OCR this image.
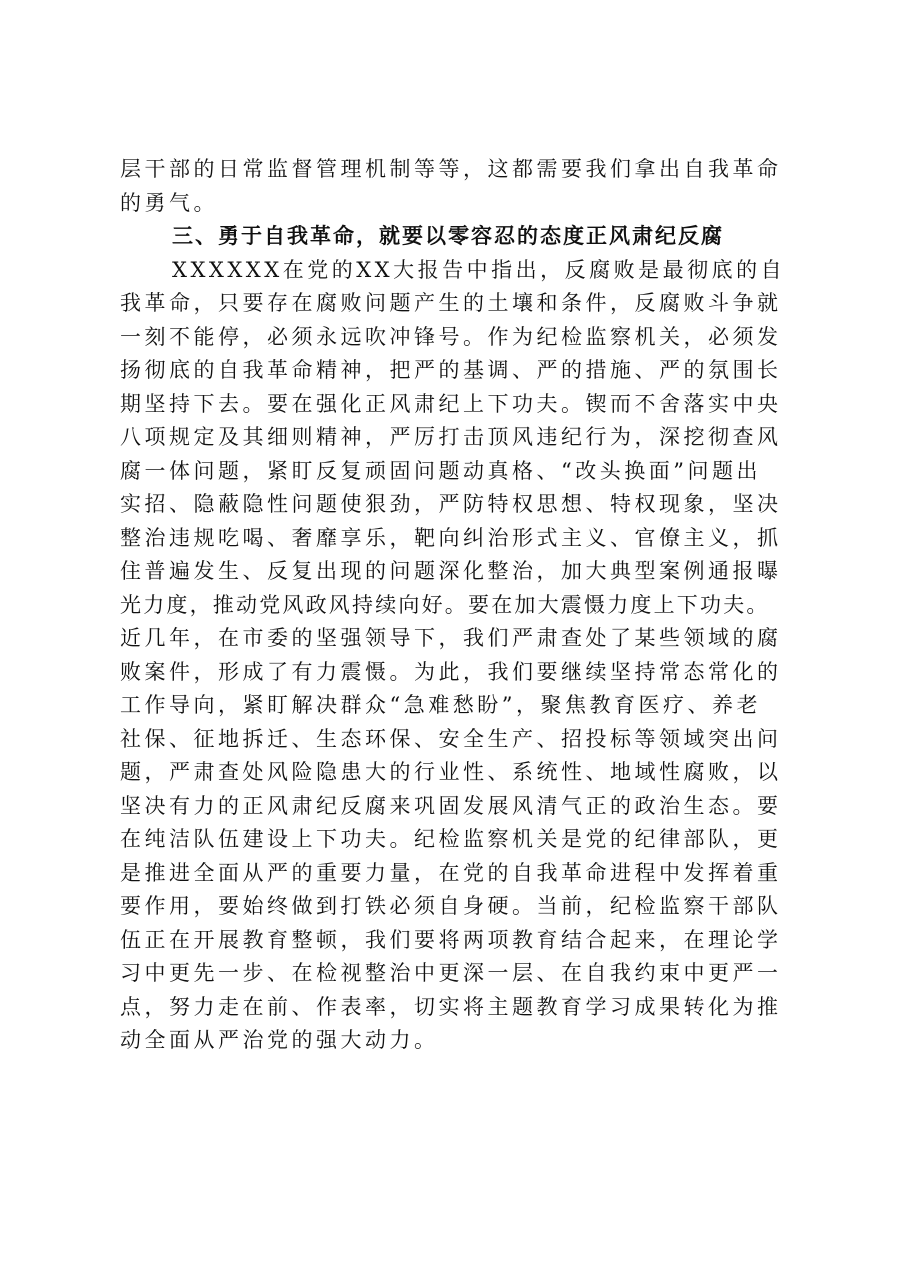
层干部的日常监督管理机制等等，这都需要我们拿出自我革命
的勇气。
三、勇于自我革命，就要以零容忍的态度正风肃纪反腐
XXXXXX在党的XX大报告中指出，反腐败是最彻底的自
我革命，只要存在腐败问题产生的土壤和条件，反腐败斗争就
一刻不能停，必须永远吹冲锋号。作为纪检监察机关，必须发
扬彻底的自我革命精神，把严的基调、严的措施、严的氛围长
期坚持下去。要在强化正风肃纪上下功夫。锲而不舍落实中央
八项规定及其细则精神，严厉打击顶风违纪行为，深挖彻查风
腐一体问题，紧盯反复顽固问题动真格、“改头换面”问题出
实招、隐蔽隐性问题使狠劲，严防特权思想、特权现象，坚决
整治违规吃喝、奢靡享乐，靶向纠治形式主义、官僚主义，抓
住普遍发生、反复出现的问题深化整治，加大典型案例通报曝
光力度，推动党风政风持续向好。要在加大震慑力度上下功夫。
近几年，在市委的坚强领导下，我们严肃查处了某些领域的腐
败案件，形成了有力震慑。为此，我们要继续坚持常态常化的
工作导向，紧盯解决群众“急难愁盼”，聚焦教育医疗、养老
社保、征地拆迁、生态环保、安全生产、招投标等领域突出问
题，严肃查处风险隐患大的行业性、系统性、地域性腐败，以
坚决有力的正风肃纪反腐来巩固发展风清气正的政治生态。要
在纯洁队伍建设上下功夫。纪检监察机关是党的纪律部队，更
是推进全面从严的重要力量，在党的自我革命进程中发挥着重
要作用，要始终做到打铁必须自身硬。当前，纪检监察干部队
伍正在开展教育整顿，我们要将两项教育结合起来，在理论学
习中更先一步、在检视整治中更深一层、在自我约束中更严一
点，努力走在前、作表率，切实将主题教育学习成果转化为推
动全面从严治党的强大动力。
